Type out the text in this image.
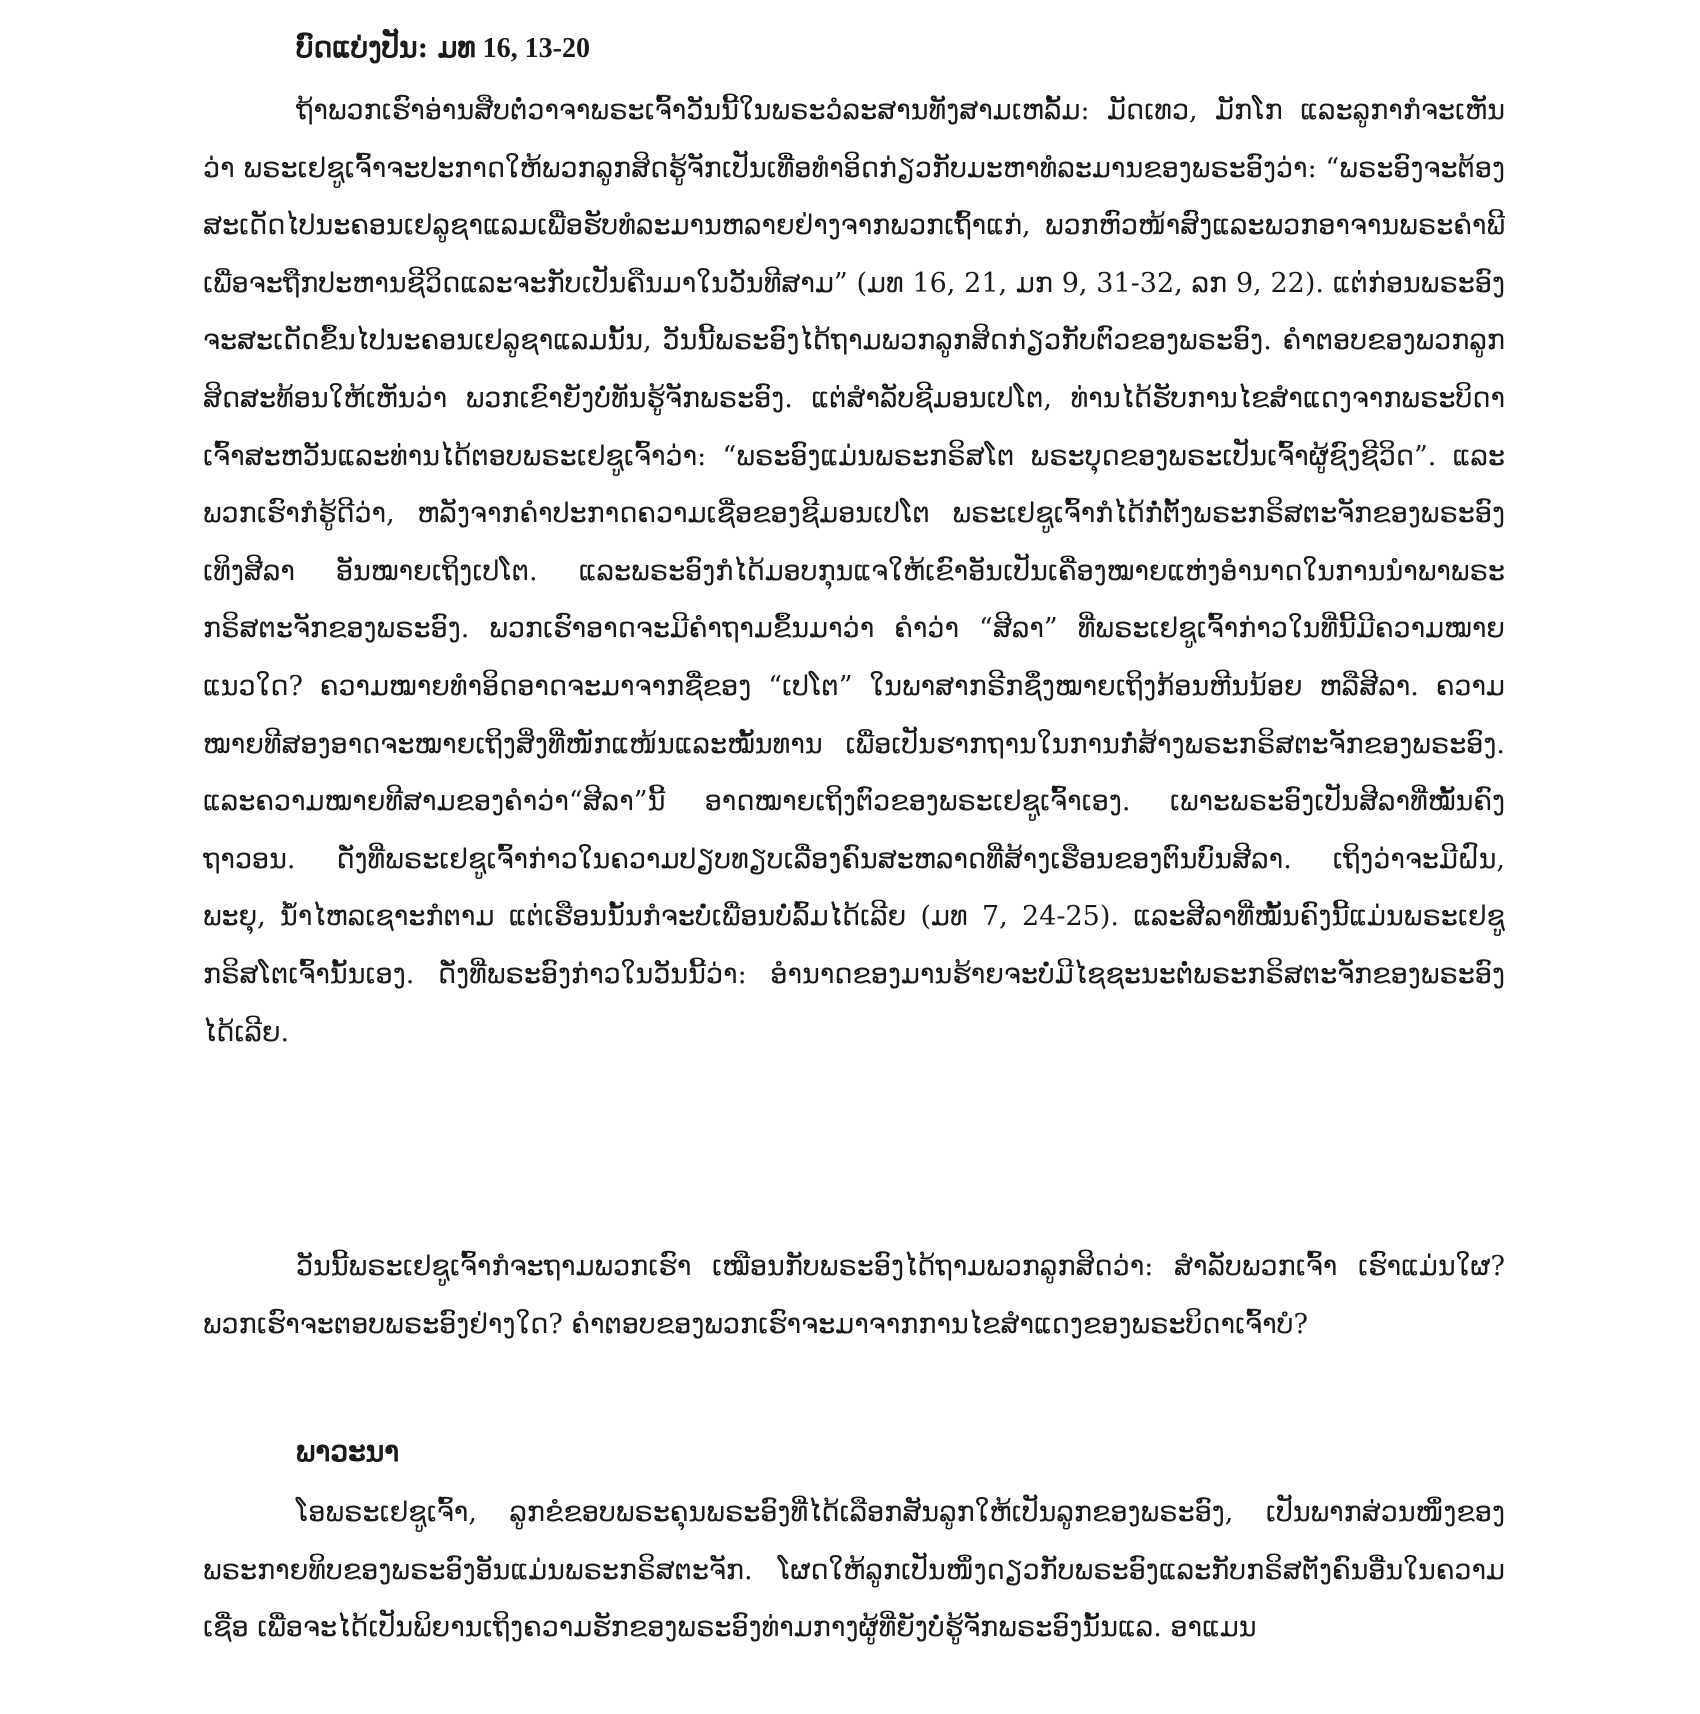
ບົດແບ່ງປັນ: ມທ 16, 13-20

ຖ້າພວກເຮົາອ່ານສືບຕໍ່ວາຈາພຣະເຈົ້າວັນນີ້ໃນພຣະວໍລະສານທັງສາມເຫລັ້ມ: ມັດເທວ, ມັກໂກ ແລະລູກາກໍຈະເຫັນວ່າ ພຣະເຢຊູເຈົ້າຈະປະກາດໃຫ້ພວກລູກສິດຮູ້ຈັກເປັນເທື່ອທຳອິດກ່ຽວກັບມະຫາທໍລະມານຂອງພຣະອົງວ່າ: “ພຣະອົງຈະຕ້ອງສະເດັດໄປນະຄອນເຢລູຊາແລມເພື່ອຮັບທໍລະມານຫລາຍຢ່າງຈາກພວກເຖົ້າແກ່, ພວກຫົວໜ້າສົງແລະພວກອາຈານພຣະຄຳພີ ເພື່ອຈະຖືກປະຫານຊີວິດແລະຈະກັບເປັນຄືນມາໃນວັນທີສາມ” (ມທ 16, 21, ມກ 9, 31-32, ລກ 9, 22). ແຕ່ກ່ອນພຣະອົງຈະສະເດັດຂຶ້ນໄປນະຄອນເຢລູຊາແລມນັ້ນ, ວັນນີ້ພຣະອົງໄດ້ຖາມພວກລູກສິດກ່ຽວກັບຕົວຂອງພຣະອົງ. ຄຳຕອບຂອງພວກລູກສິດສະທ້ອນໃຫ້ເຫັນວ່າ ພວກເຂົາຍັງບໍ່ທັນຮູ້ຈັກພຣະອົງ. ແຕ່ສຳລັບຊີມອນເປໂຕ, ທ່ານໄດ້ຮັບການໄຂສຳແດງຈາກພຣະບິດາເຈົ້າສະຫວັນແລະທ່ານໄດ້ຕອບພຣະເຢຊູເຈົ້າວ່າ: “ພຣະອົງແມ່ນພຣະກຣິສໂຕ ພຣະບຸດຂອງພຣະເປັນເຈົ້າຜູ້ຊົງຊີວິດ”. ແລະພວກເຮົາກໍຮູ້ດີວ່າ, ຫລັງຈາກຄຳປະກາດຄວາມເຊື່ອຂອງຊີມອນເປໂຕ ພຣະເຢຊູເຈົ້າກໍໄດ້ກໍ່ຕັ້ງພຣະກຣິສຕະຈັກຂອງພຣະອົງເທິງສີລາ ອັນໝາຍເຖິງເປໂຕ. ແລະພຣະອົງກໍໄດ້ມອບກຸນແຈໃຫ້ເຂົາອັນເປັນເຄື່ອງໝາຍແຫ່ງອຳນາດໃນການນຳພາພຣະກຣິສຕະຈັກຂອງພຣະອົງ. ພວກເຮົາອາດຈະມີຄຳຖາມຂຶ້ນມາວ່າ ຄຳວ່າ “ສີລາ” ທີ່ພຣະເຢຊູເຈົ້າກ່າວໃນທີ່ນີ້ມີຄວາມໝາຍແນວໃດ? ຄວາມໝາຍທຳອິດອາດຈະມາຈາກຊື່ຂອງ “ເປໂຕ” ໃນພາສາກຣີກຊຶ່ງໝາຍເຖິງກ້ອນຫີນນ້ອຍ ຫລືສີລາ. ຄວາມໝາຍທີສອງອາດຈະໝາຍເຖິງສິ່ງທີ່ໜັກແໜ້ນແລະໝັ້ນທານ ເພື່ອເປັນຮາກຖານໃນການກໍ່ສ້າງພຣະກຣິສຕະຈັກຂອງພຣະອົງ. ແລະຄວາມໝາຍທີສາມຂອງຄຳວ່າ“ສີລາ”ນີ້ ອາດໝາຍເຖິງຕົວຂອງພຣະເຢຊູເຈົ້າເອງ. ເພາະພຣະອົງເປັນສີລາທີ່ໝັ້ນຄົງຖາວອນ. ດັ່ງທີ່ພຣະເຢຊູເຈົ້າກ່າວໃນຄວາມປຽບທຽບເລື່ອງຄົນສະຫລາດທີ່ສ້າງເຮືອນຂອງຕົນບົນສີລາ. ເຖິງວ່າຈະມີຝົນ, ພະຍຸ, ນ້ຳໄຫລເຊາະກໍຕາມ ແຕ່ເຮືອນນັ້ນກໍຈະບໍ່ເພື່ອນບໍ່ລົ້ມໄດ້ເລີຍ (ມທ 7, 24-25). ແລະສີລາທີ່ໝັ້ນຄົງນີ້ແມ່ນພຣະເຢຊູກຣິສໂຕເຈົ້ານັ້ນເອງ. ດັ່ງທີ່ພຣະອົງກ່າວໃນວັນນີ້ວ່າ: ອຳນາດຂອງມານຮ້າຍຈະບໍ່ມີໄຊຊະນະຕໍ່ພຣະກຣິສຕະຈັກຂອງພຣະອົງໄດ້ເລີຍ.

ວັນນີ້ພຣະເຢຊູເຈົ້າກໍຈະຖາມພວກເຮົາ ເໝືອນກັບພຣະອົງໄດ້ຖາມພວກລູກສິດວ່າ: ສຳລັບພວກເຈົ້າ ເຮົາແມ່ນໃຜ? ພວກເຮົາຈະຕອບພຣະອົງຢ່າງໃດ? ຄຳຕອບຂອງພວກເຮົາຈະມາຈາກການໄຂສຳແດງຂອງພຣະບິດາເຈົ້າບໍ?

ພາວະນາ

ໂອພຣະເຢຊູເຈົ້າ, ລູກຂໍຂອບພຣະຄຸນພຣະອົງທີ່ໄດ້ເລືອກສັນລູກໃຫ້ເປັນລູກຂອງພຣະອົງ, ເປັນພາກສ່ວນໜຶ່ງຂອງພຣະກາຍທິບຂອງພຣະອົງອັນແມ່ນພຣະກຣິສຕະຈັກ. ໂຜດໃຫ້ລູກເປັນໜຶ່ງດຽວກັບພຣະອົງແລະກັບກຣິສຕັງຄົນອື່ນໃນຄວາມເຊື່ອ ເພື່ອຈະໄດ້ເປັນພິຍານເຖິງຄວາມຮັກຂອງພຣະອົງທ່າມກາງຜູ້ທີ່ຍັງບໍ່ຮູ້ຈັກພຣະອົງນັ້ນແລ. ອາແມນ
